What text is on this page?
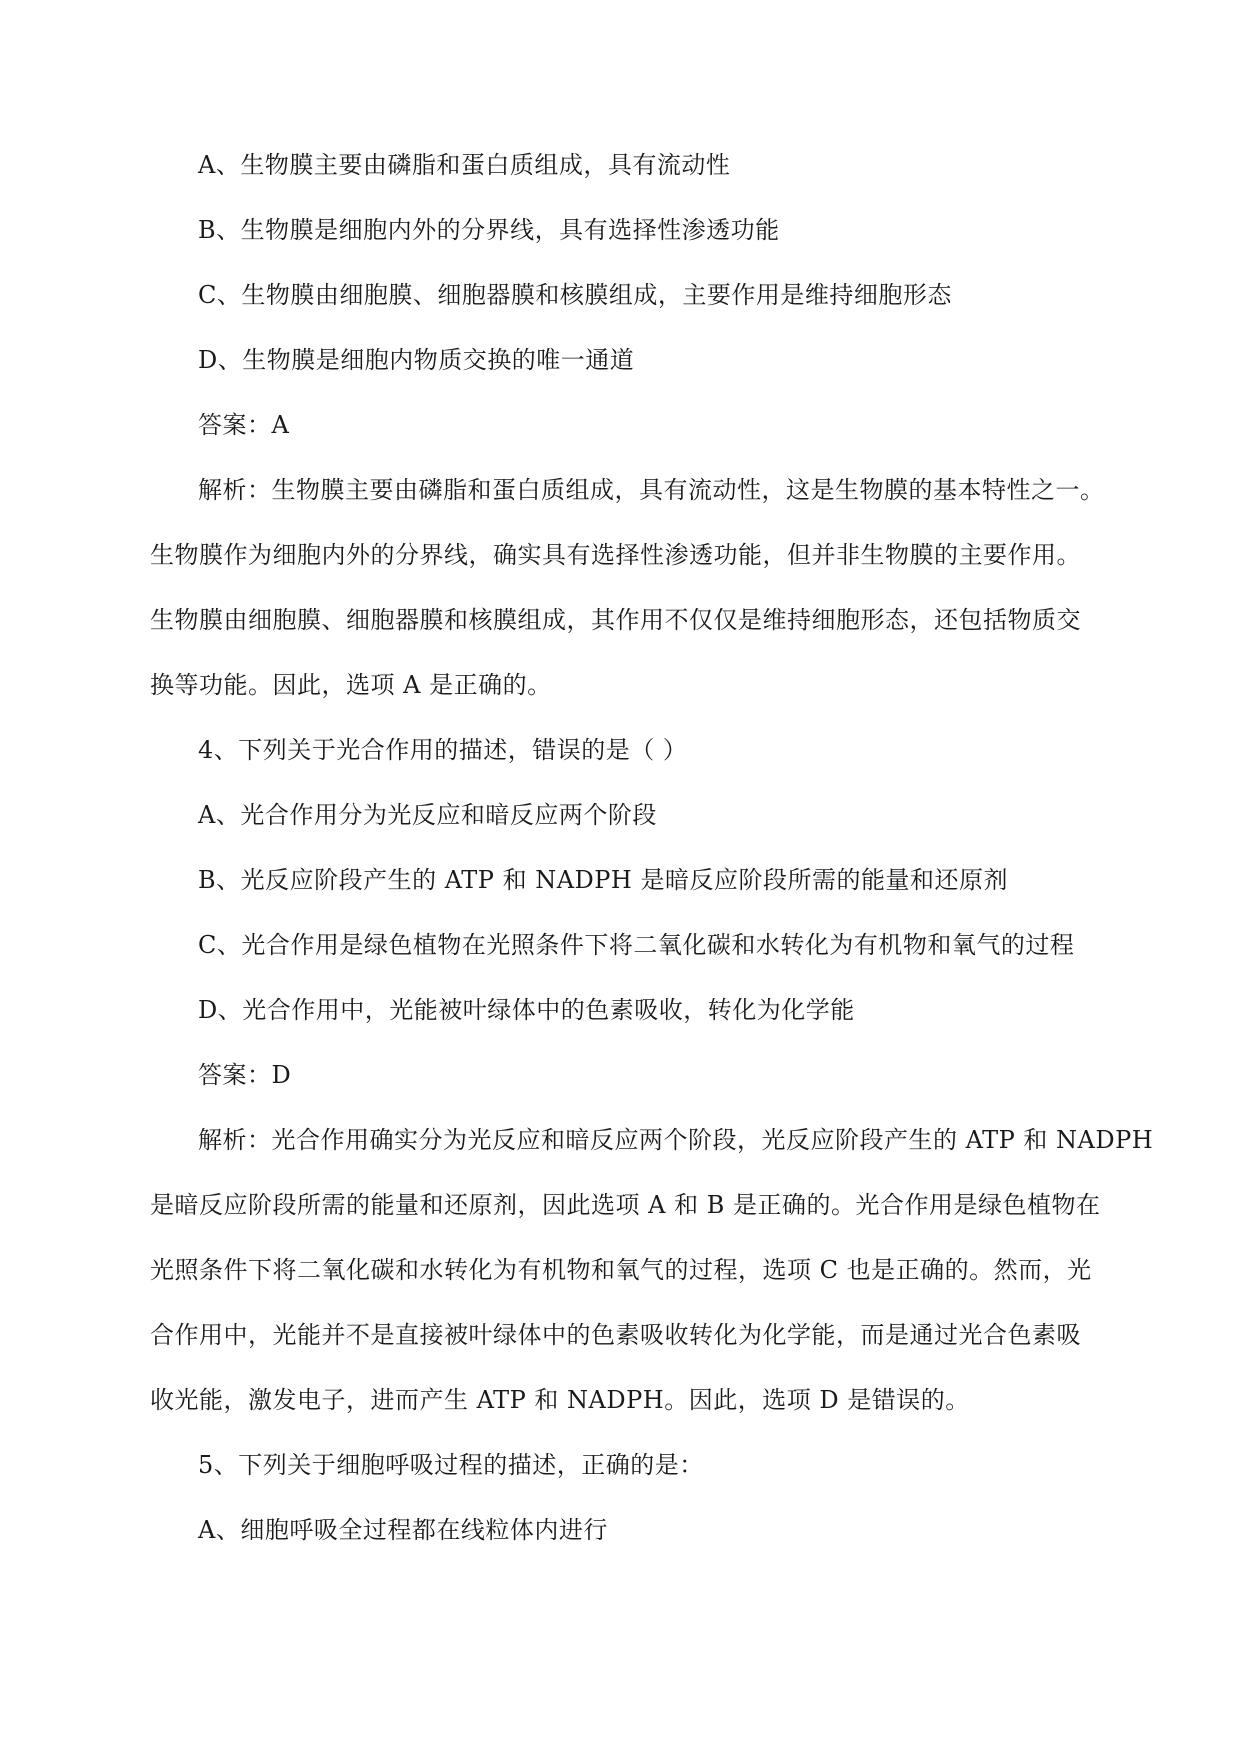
A、生物膜主要由磷脂和蛋白质组成，具有流动性
B、生物膜是细胞内外的分界线，具有选择性渗透功能
C、生物膜由细胞膜、细胞器膜和核膜组成，主要作用是维持细胞形态
D、生物膜是细胞内物质交换的唯一通道
答案：A
解析：生物膜主要由磷脂和蛋白质组成，具有流动性，这是生物膜的基本特性之一。
生物膜作为细胞内外的分界线，确实具有选择性渗透功能，但并非生物膜的主要作用。
生物膜由细胞膜、细胞器膜和核膜组成，其作用不仅仅是维持细胞形态，还包括物质交
换等功能。因此，选项 A 是正确的。
4、下列关于光合作用的描述，错误的是（ ）
A、光合作用分为光反应和暗反应两个阶段
B、光反应阶段产生的 ATP 和 NADPH 是暗反应阶段所需的能量和还原剂
C、光合作用是绿色植物在光照条件下将二氧化碳和水转化为有机物和氧气的过程
D、光合作用中，光能被叶绿体中的色素吸收，转化为化学能
答案：D
解析：光合作用确实分为光反应和暗反应两个阶段，光反应阶段产生的 ATP 和 NADPH
是暗反应阶段所需的能量和还原剂，因此选项 A 和 B 是正确的。光合作用是绿色植物在
光照条件下将二氧化碳和水转化为有机物和氧气的过程，选项 C 也是正确的。然而，光
合作用中，光能并不是直接被叶绿体中的色素吸收转化为化学能，而是通过光合色素吸
收光能，激发电子，进而产生 ATP 和 NADPH。因此，选项 D 是错误的。
5、下列关于细胞呼吸过程的描述，正确的是：
A、细胞呼吸全过程都在线粒体内进行
